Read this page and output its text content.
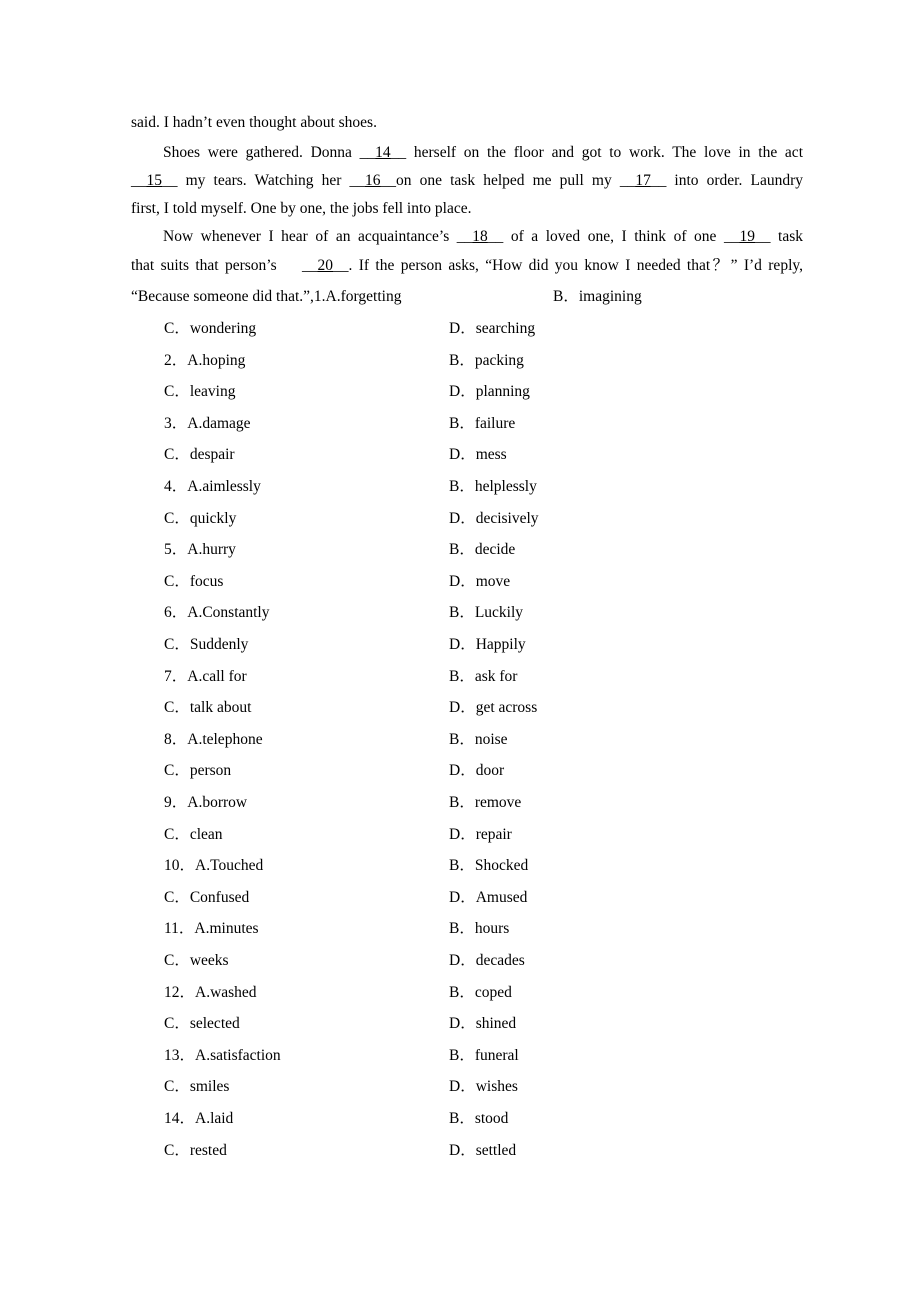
said. I hadn’t even thought about shoes.
Shoes were gathered. Donna __14__ herself on the floor and got to work. The love in the act
__15__ my tears. Watching her __16__on one task helped me pull my __17__ into order. Laundry
first, I told myself. One by one, the jobs fell into place.
Now whenever I hear of an acquaintance’s __18__ of a loved one, I think of one __19__ task
that suits that person’s    __20__. If the person asks, “How did you know I needed that？” I’d reply,
“Because someone did that.”,1.A.forgetting	B．imagining
C．wondering	D．searching
2．A.hoping	B．packing
C．leaving	D．planning
3．A.damage	B．failure
C．despair	D．mess
4．A.aimlessly	B．helplessly
C．quickly	D．decisively
5．A.hurry	B．decide
C．focus	D．move
6．A.Constantly	B．Luckily
C．Suddenly	D．Happily
7．A.call for	B．ask for
C．talk about	D．get across
8．A.telephone	B．noise
C．person	D．door
9．A.borrow	B．remove
C．clean	D．repair
10．A.Touched	B．Shocked
C．Confused	D．Amused
11．A.minutes	B．hours
C．weeks	D．decades
12．A.washed	B．coped
C．selected	D．shined
13．A.satisfaction	B．funeral
C．smiles	D．wishes
14．A.laid	B．stood
C．rested	D．settled
